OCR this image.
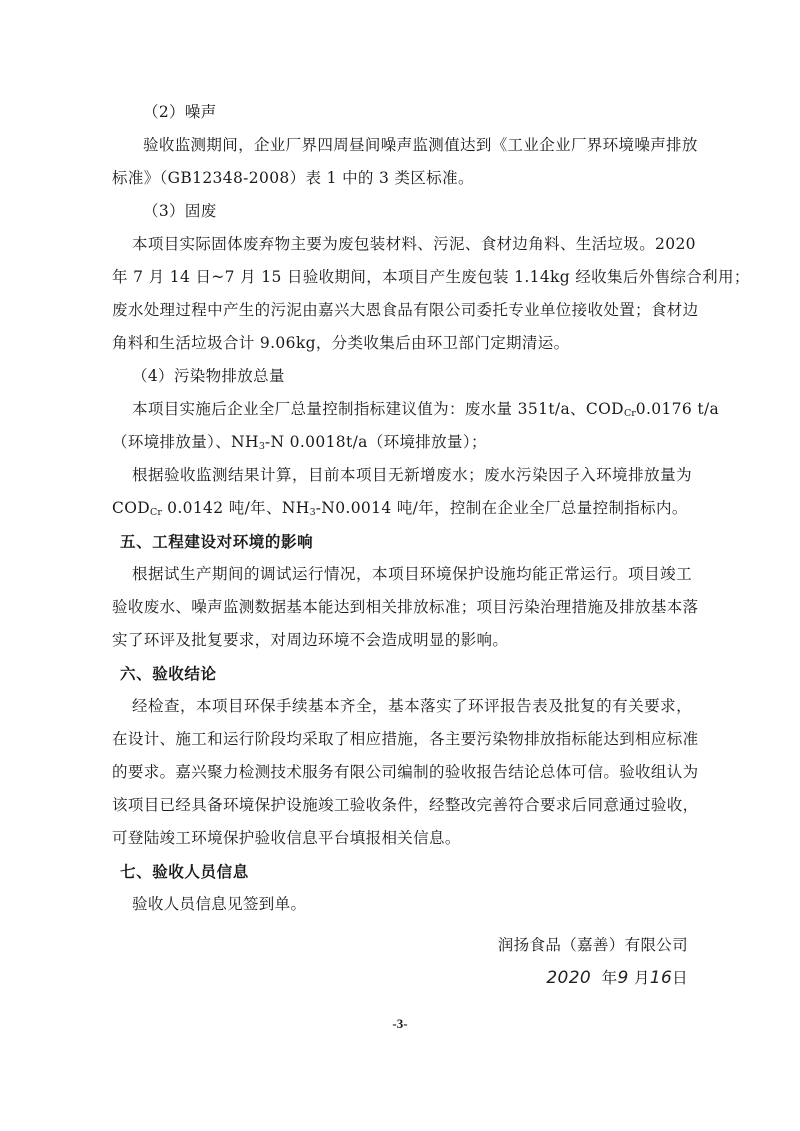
（2）噪声
验收监测期间，企业厂界四周昼间噪声监测值达到《工业企业厂界环境噪声排放
标准》（GB12348-2008）表 1 中的 3 类区标准。
（3）固废
本项目实际固体废弃物主要为废包装材料、污泥、食材边角料、生活垃圾。2020
年 7 月 14 日~7 月 15 日验收期间，本项目产生废包装 1.14kg 经收集后外售综合利用；
废水处理过程中产生的污泥由嘉兴大恩食品有限公司委托专业单位接收处置；食材边
角料和生活垃圾合计 9.06kg，分类收集后由环卫部门定期清运。
（4）污染物排放总量
本项目实施后企业全厂总量控制指标建议值为：废水量 351t/a、$COD_{Cr}0.0176$ t/a
（环境排放量）、$NH_3-N$ 0.0018t/a（环境排放量）；
根据验收监测结果计算，目前本项目无新增废水；废水污染因子入环境排放量为
$COD_{Cr}$ 0.0142 吨/年、$NH_3-N0.0014$ 吨/年，控制在企业全厂总量控制指标内。
五、工程建设对环境的影响
根据试生产期间的调试运行情况，本项目环境保护设施均能正常运行。项目竣工
验收废水、噪声监测数据基本能达到相关排放标准；项目污染治理措施及排放基本落
实了环评及批复要求，对周边环境不会造成明显的影响。
六、验收结论
经检查，本项目环保手续基本齐全，基本落实了环评报告表及批复的有关要求，
在设计、施工和运行阶段均采取了相应措施，各主要污染物排放指标能达到相应标准
的要求。嘉兴聚力检测技术服务有限公司编制的验收报告结论总体可信。验收组认为
该项目已经具备环境保护设施竣工验收条件，经整改完善符合要求后同意通过验收，
可登陆竣工环境保护验收信息平台填报相关信息。
七、验收人员信息
验收人员信息见签到单。
润扬食品（嘉善）有限公司
2020 年9 月16日
-3-
